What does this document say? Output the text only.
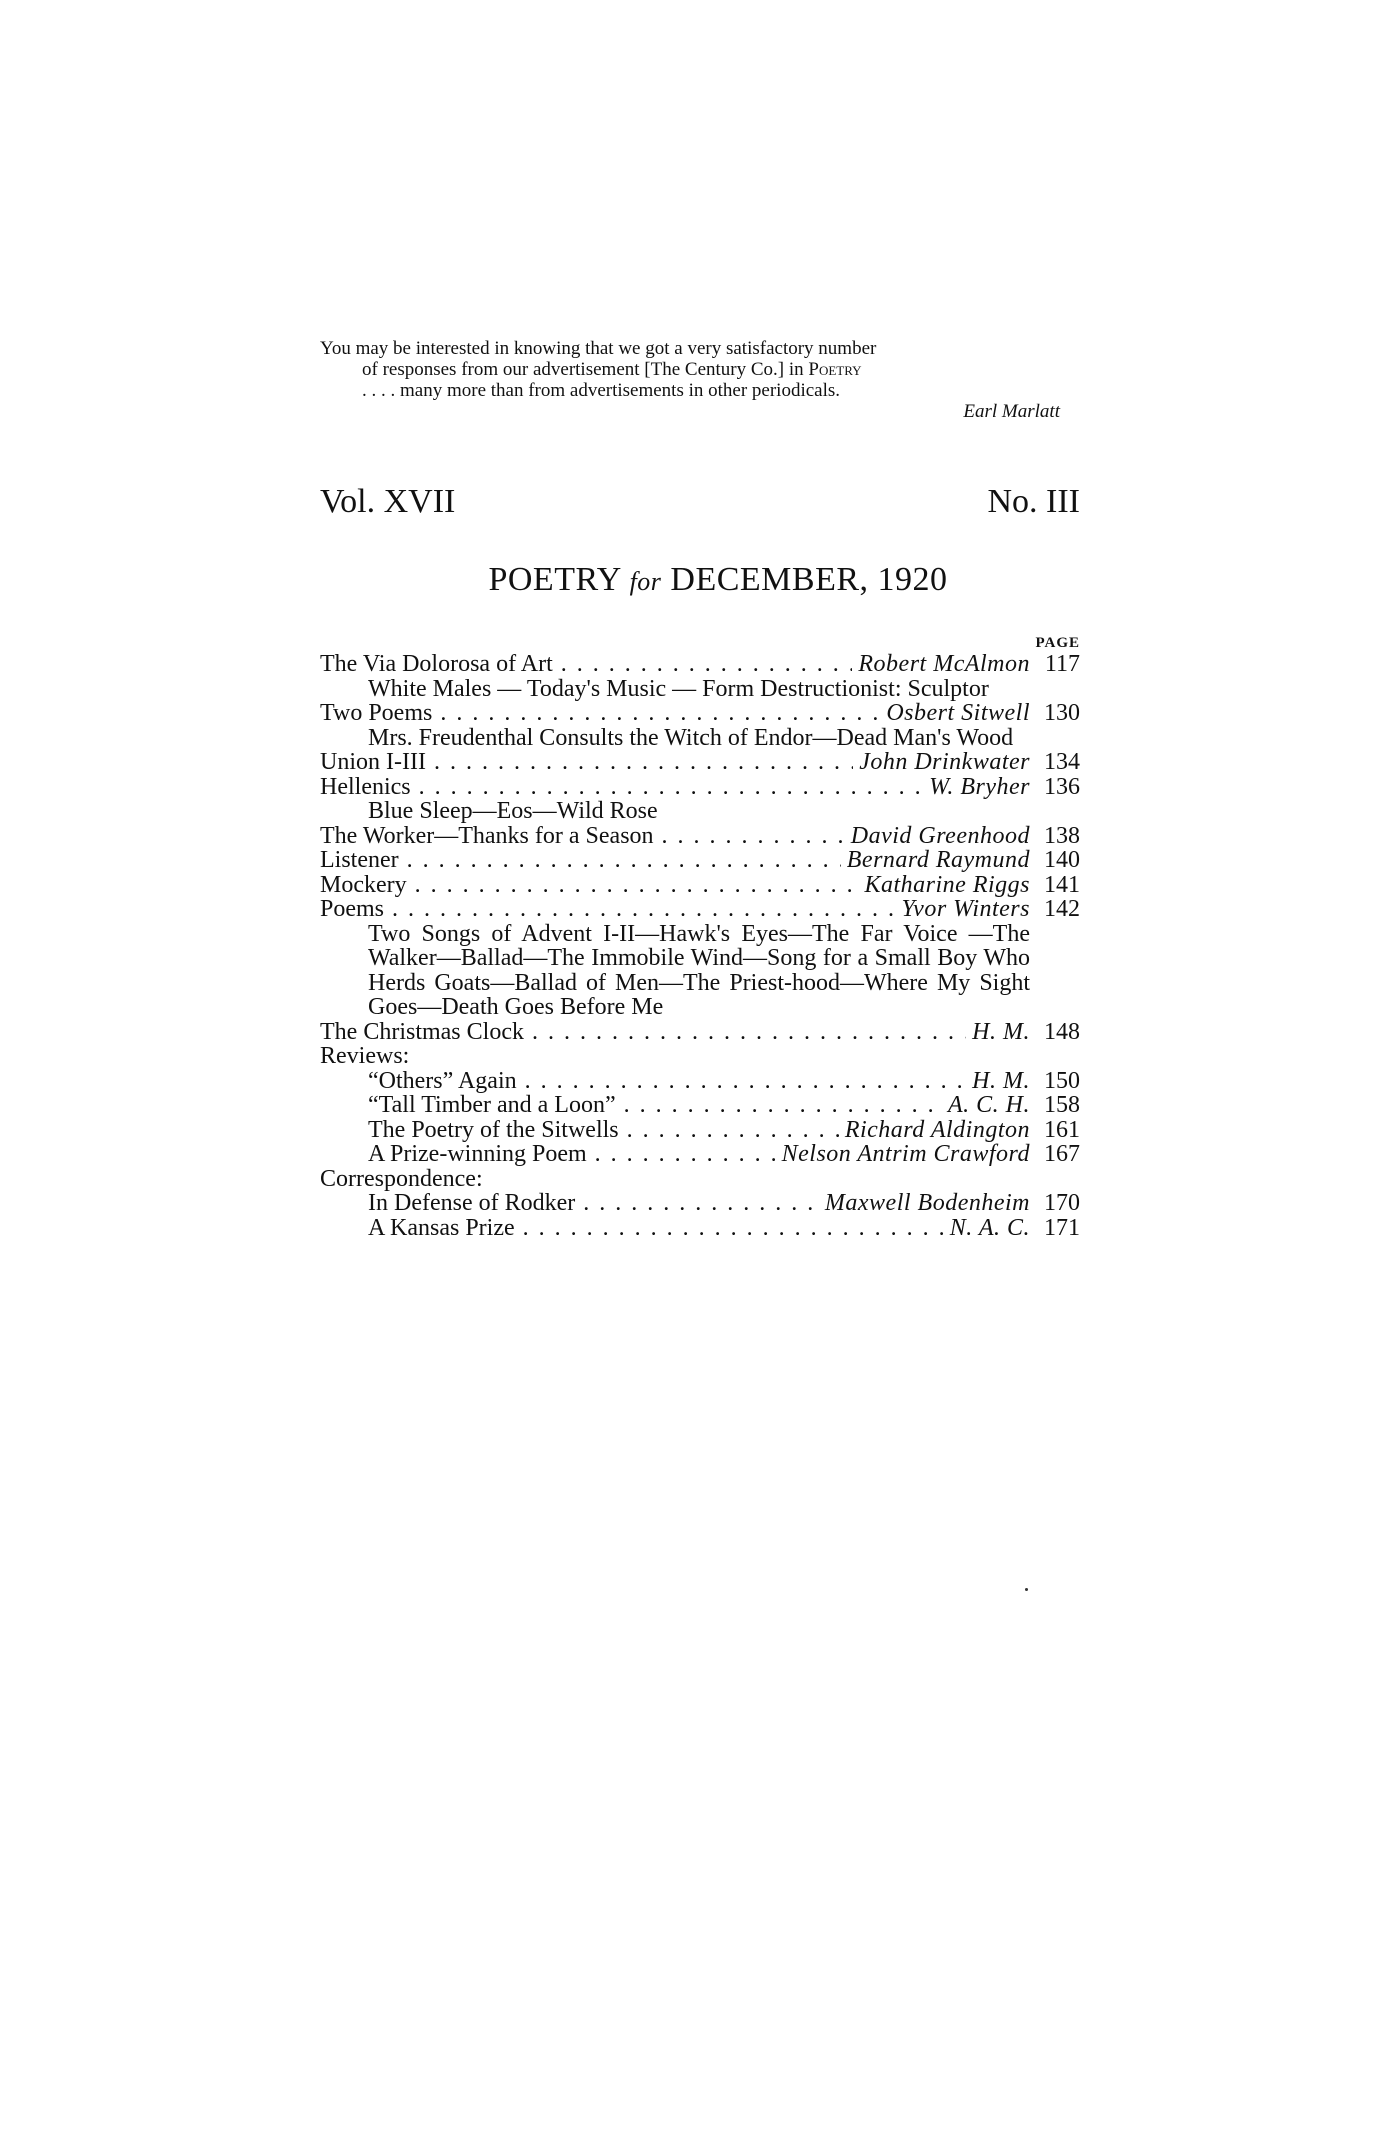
You may be interested in knowing that we got a very satisfactory number

of responses from our advertisement [The Century Co.] in Poetry

. . . . many more than from advertisements in other periodicals.

Earl Marlatt
Vol. XVII	No. III
POETRY for DECEMBER, 1920
PAGE
The Via Dolorosa of Art . .	Robert McAlmon 117
White Males — Today's Music — Form Destructionist: Sculptor
Two Poems . .	Osbert Sitwell 130
Mrs. Freudenthal Consults the Witch of Endor—Dead Man's Wood
Union I-III . .	John Drinkwater 134
Hellenics . .	W. Bryher 136
Blue Sleep—Eos—Wild Rose
The Worker—Thanks for a Season . .	David Greenhood 138
Listener . .	Bernard Raymund 140
Mockery . .	Katharine Riggs 141
Poems . .	Yvor Winters 142
Two Songs of Advent I-II—Hawk's Eyes—The Far Voice —The Walker—Ballad—The Immobile Wind—Song for a Small Boy Who Herds Goats—Ballad of Men—The Priest-hood—Where My Sight Goes—Death Goes Before Me
The Christmas Clock . .	H. M. 148
Reviews:
“Others” Again . .	H. M. 150
“Tall Timber and a Loon” . .	A. C. H. 158
The Poetry of the Sitwells . .	Richard Aldington 161
A Prize-winning Poem . .	Nelson Antrim Crawford 167
Correspondence:
In Defense of Rodker . .	Maxwell Bodenheim 170
A Kansas Prize . .	N. A. C. 171
